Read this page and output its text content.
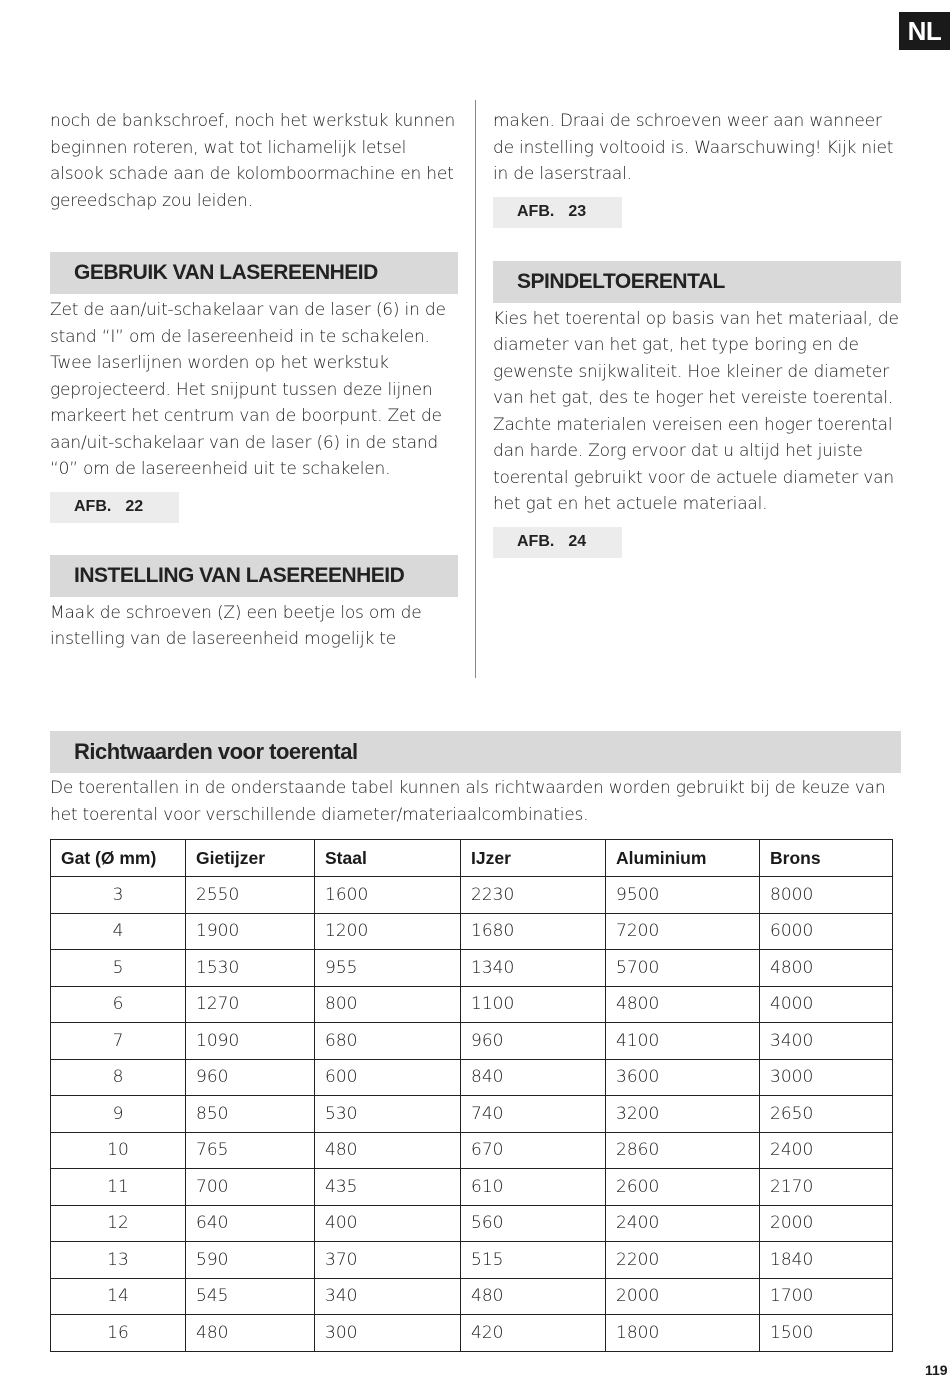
NL

noch de bankschroef, noch het werkstuk kunnen beginnen roteren, wat tot lichamelijk letsel alsook schade aan de kolomboormachine en het gereedschap zou leiden.

GEBRUIK VAN LASEREENHEID

Zet de aan/uit-schakelaar van de laser (6) in de stand “I” om de lasereenheid in te schakelen. Twee laserlijnen worden op het werkstuk geprojecteerd. Het snijpunt tussen deze lijnen markeert het centrum van de boorpunt. Zet de aan/uit-schakelaar van de laser (6) in de stand “0” om de lasereenheid uit te schakelen.

AFB. 22
INSTELLING VAN LASEREENHEID

Maak de schroeven (Z) een beetje los om de instelling van de lasereenheid mogelijk te

maken. Draai de schroeven weer aan wanneer de instelling voltooid is. Waarschuwing! Kijk niet in de laserstraal.

AFB. 23
SPINDELTOERENTAL

Kies het toerental op basis van het materiaal, de diameter van het gat, het type boring en de gewenste snijkwaliteit. Hoe kleiner de diameter van het gat, des te hoger het vereiste toerental. Zachte materialen vereisen een hoger toerental dan harde. Zorg ervoor dat u altijd het juiste toerental gebruikt voor de actuele diameter van het gat en het actuele materiaal.

AFB. 24
Richtwaarden voor toerental

De toerentallen in de onderstaande tabel kunnen als richtwaarden worden gebruikt bij de keuze van het toerental voor verschillende diameter/materiaalcombinaties.

Gat (Ø mm)	Gietijzer	Staal	IJzer	Aluminium	Brons
3	2550	1600	2230	9500	8000
4	1900	1200	1680	7200	6000
5	1530	955	1340	5700	4800
6	1270	800	1100	4800	4000
7	1090	680	960	4100	3400
8	960	600	840	3600	3000
9	850	530	740	3200	2650
10	765	480	670	2860	2400
11	700	435	610	2600	2170
12	640	400	560	2400	2000
13	590	370	515	2200	1840
14	545	340	480	2000	1700
16	480	300	420	1800	1500
119
